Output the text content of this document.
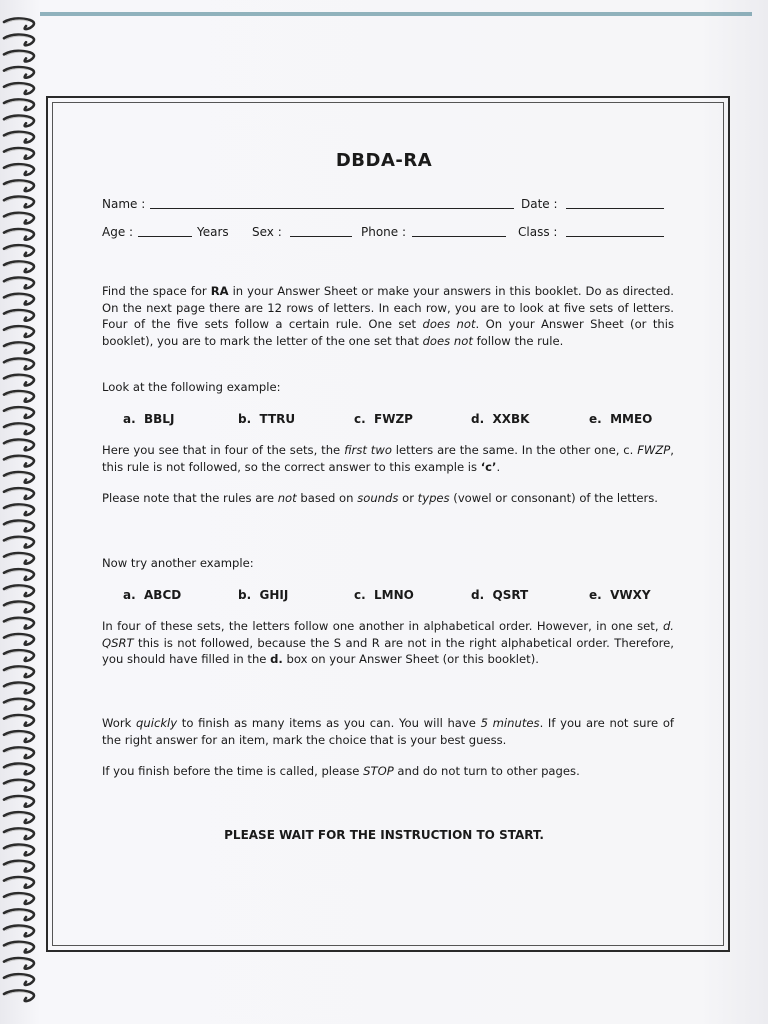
DBDA-RA
Name :	Date :
Age :	Years Sex :	Phone :	Class :
Find the space for RA in your Answer Sheet or make your answers in this booklet. Do as directed. On the next page there are 12 rows of letters. In each row, you are to look at five sets of letters. Four of the five sets follow a certain rule. One set does not. On your Answer Sheet (or this booklet), you are to mark the letter of the one set that does not follow the rule.
Look at the following example:
a. BBLJ	b. TTRU	c. FWZP	d. XXBK	e. MMEO
Here you see that in four of the sets, the first two letters are the same. In the other one, c. FWZP, this rule is not followed, so the correct answer to this example is ‘c’.
Please note that the rules are not based on sounds or types (vowel or consonant) of the letters.
Now try another example:
a. ABCD	b. GHIJ	c. LMNO	d. QSRT	e. VWXY
In four of these sets, the letters follow one another in alphabetical order. However, in one set, d. QSRT this is not followed, because the S and R are not in the right alphabetical order. Therefore, you should have filled in the d. box on your Answer Sheet (or this booklet).
Work quickly to finish as many items as you can. You will have 5 minutes. If you are not sure of the right answer for an item, mark the choice that is your best guess.
If you finish before the time is called, please STOP and do not turn to other pages.
PLEASE WAIT FOR THE INSTRUCTION TO START.
